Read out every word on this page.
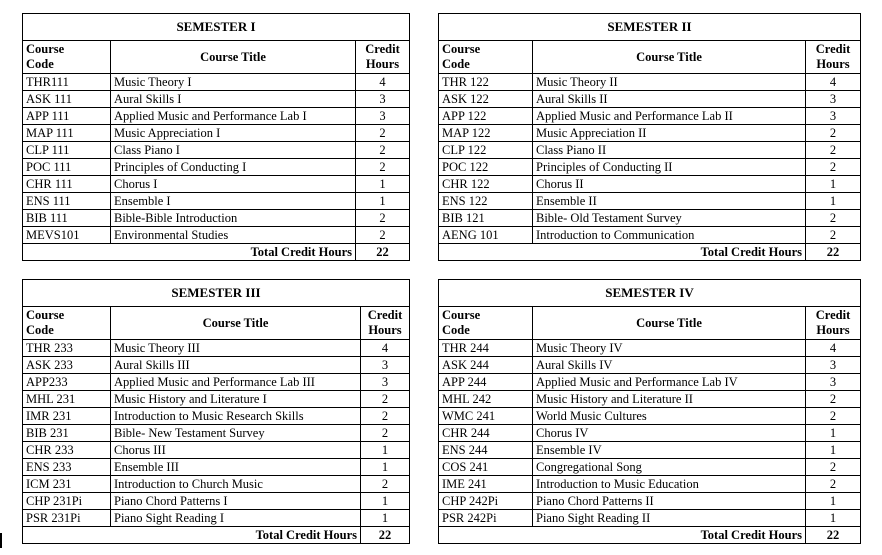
SEMESTER I		
Course
Code	Course Title	Credit
Hours
THR111	Music Theory I	4
ASK 111	Aural Skills I	3
APP 111	Applied Music and Performance Lab I	3
MAP 111	Music Appreciation I	2
CLP 111	Class Piano I	2
POC 111	Principles of Conducting I	2
CHR 111	Chorus I	1
ENS 111	Ensemble I	1
BIB 111	Bible-Bible Introduction	2
MEVS101	Environmental Studies	2
	Total Credit Hours	22
SEMESTER II		
Course
Code	Course Title	Credit
Hours
THR 122	Music Theory II	4
ASK 122	Aural Skills II	3
APP 122	Applied Music and Performance Lab II	3
MAP 122	Music Appreciation II	2
CLP 122	Class Piano II	2
POC 122	Principles of Conducting II	2
CHR 122	Chorus II	1
ENS 122	Ensemble II	1
BIB 121	Bible- Old Testament Survey	2
AENG 101	Introduction to Communication	2
	Total Credit Hours	22
SEMESTER III		
Course
Code	Course Title	Credit
Hours
THR 233	Music Theory III	4
ASK 233	Aural Skills III	3
APP233	Applied Music and Performance Lab III	3
MHL 231	Music History and Literature I	2
IMR 231	Introduction to Music Research Skills	2
BIB 231	Bible- New Testament Survey	2
CHR 233	Chorus III	1
ENS 233	Ensemble III	1
ICM 231	Introduction to Church Music	2
CHP 231Pi	Piano Chord Patterns I	1
PSR 231Pi	Piano Sight Reading I	1
	Total Credit Hours	22
SEMESTER IV		
Course
Code	Course Title	Credit
Hours
THR 244	Music Theory IV	4
ASK 244	Aural Skills IV	3
APP 244	Applied Music and Performance Lab IV	3
MHL 242	Music History and Literature II	2
WMC 241	World Music Cultures	2
CHR 244	Chorus IV	1
ENS 244	Ensemble IV	1
COS 241	Congregational Song	2
IME 241	Introduction to Music Education	2
CHP 242Pi	Piano Chord Patterns II	1
PSR 242Pi	Piano Sight Reading II	1
	Total Credit Hours	22
